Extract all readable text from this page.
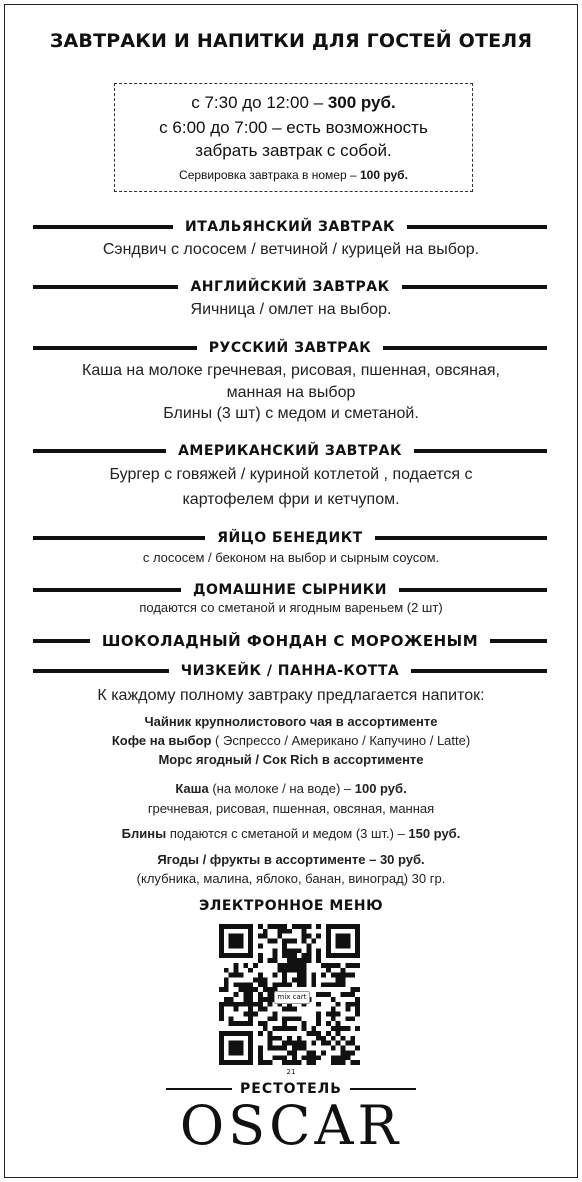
ЗАВТРАКИ И НАПИТКИ ДЛЯ ГОСТЕЙ ОТЕЛЯ
с 7:30 до 12:00 – 300 руб.
с 6:00 до 7:00 – есть возможность
забрать завтрак с собой.
Сервировка завтрака в номер – 100 руб.
ИТАЛЬЯНСКИЙ ЗАВТРАК
Сэндвич с лососем / ветчиной / курицей на выбор.
АНГЛИЙСКИЙ ЗАВТРАК
Яичница / омлет на выбор.
РУССКИЙ ЗАВТРАК
Каша на молоке гречневая, рисовая, пшенная, овсяная,
манная на выбор
Блины (3 шт) с медом и сметаной.
АМЕРИКАНСКИЙ ЗАВТРАК
Бургер с говяжей / куриной котлетой , подается с
картофелем фри и кетчупом.
ЯЙЦО БЕНЕДИКТ
с лососем / беконом на выбор и сырным соусом.
ДОМАШНИЕ СЫРНИКИ
подаются со сметаной и ягодным вареньем (2 шт)
ШОКОЛАДНЫЙ ФОНДАН С МОРОЖЕНЫМ
ЧИЗКЕЙК / ПАННА-КОТТА
К каждому полному завтраку предлагается напиток:
Чайник крупнолистового чая в ассортименте
Кофе на выбор ( Эспрессо / Американо / Капучино / Latte)
Морс ягодный / Сок Rich в ассортименте
Каша (на молоке / на воде) – 100 руб.
гречневая, рисовая, пшенная, овсяная, манная
Блины подаются с сметаной и медом (3 шт.) – 150 руб.
Ягоды / фрукты в ассортименте – 30 руб.
(клубника, малина, яблоко, банан, виноград) 30 гр.
ЭЛЕКТРОННОЕ МЕНЮ
mix cart
21
РЕСТОТЕЛЬ
OSCAR
